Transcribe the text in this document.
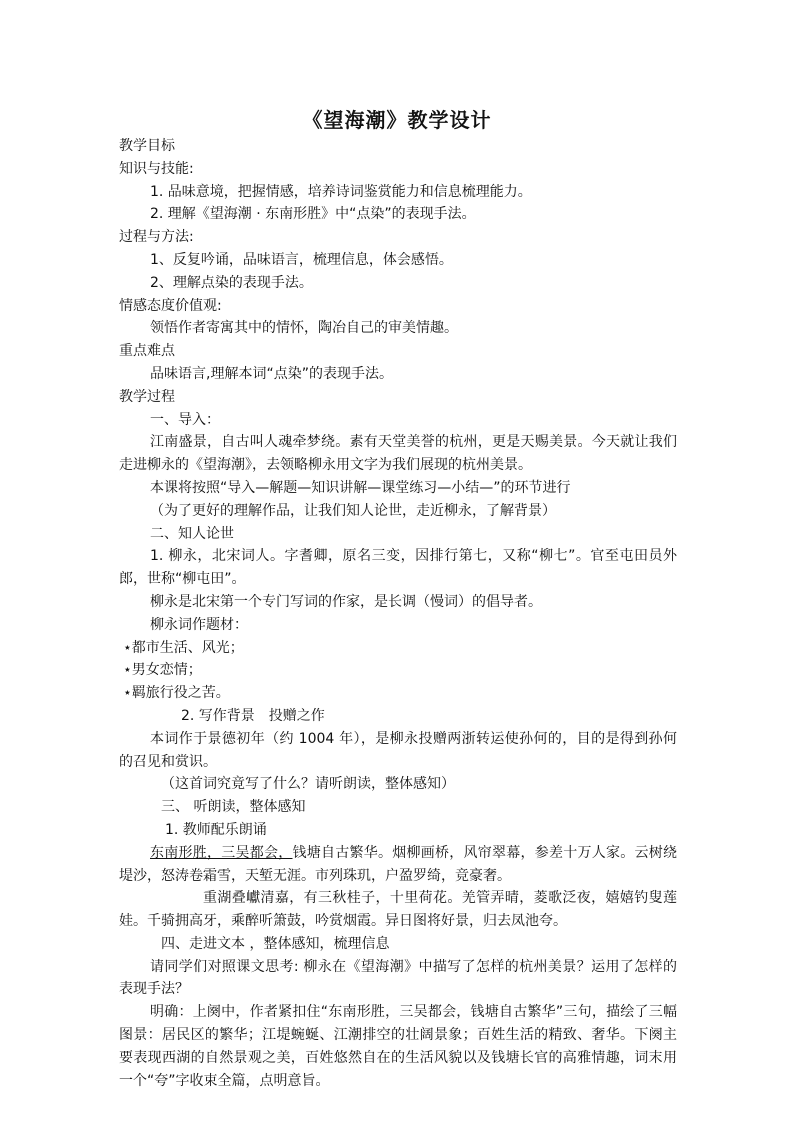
《望海潮》教学设计

教学目标

知识与技能:

1. 品味意境，把握情感，培养诗词鉴赏能力和信息梳理能力。

2. 理解《望海潮 · 东南形胜》中“点染”的表现手法。

过程与方法:

1、反复吟诵，品味语言，梳理信息，体会感悟。

2、理解点染的表现手法。

情感态度价值观:

领悟作者寄寓其中的情怀，陶冶自己的审美情趣。

重点难点

品味语言,理解本词“点染”的表现手法。

教学过程

一、导入：

江南盛景，自古叫人魂牵梦绕。素有天堂美誉的杭州，更是天赐美景。今天就让我们走进柳永的《望海潮》，去领略柳永用文字为我们展现的杭州美景。

本课将按照“导入—解题—知识讲解—课堂练习—小结—”的环节进行

（为了更好的理解作品，让我们知人论世，走近柳永，了解背景）

二、知人论世

1. 柳永，北宋词人。字耆卿，原名三变，因排行第七，又称“柳七”。官至屯田员外郎，世称“柳屯田”。

柳永是北宋第一个专门写词的作家，是长调（慢词）的倡导者。

柳永词作题材：

⋆都市生活、风光；

⋆男女恋情；

⋆羁旅行役之苦。

2. 写作背景　投赠之作

本词作于景德初年（约 1004 年），是柳永投赠两浙转运使孙何的，目的是得到孙何的召见和赏识。

（这首词究竟写了什么？请听朗读，整体感知）

三、 听朗读，整体感知

1. 教师配乐朗诵

东南形胜，三吴都会，钱塘自古繁华。烟柳画桥，风帘翠幕，参差十万人家。云树绕堤沙，怒涛卷霜雪，天堑无涯。市列珠玑，户盈罗绮，竞豪奢。

重湖叠巘清嘉，有三秋桂子，十里荷花。羌管弄晴，菱歌泛夜，嬉嬉钓叟莲娃。千骑拥高牙，乘醉听箫鼓，吟赏烟霞。异日图将好景，归去凤池夸。

四、走进文本 ，整体感知，梳理信息

请同学们对照课文思考: 柳永在《望海潮》中描写了怎样的杭州美景？运用了怎样的表现手法？

明确：上阕中，作者紧扣住“东南形胜，三吴都会，钱塘自古繁华”三句，描绘了三幅图景：居民区的繁华；江堤蜿蜒、江潮排空的壮阔景象；百姓生活的精致、奢华。下阕主要表现西湖的自然景观之美，百姓悠然自在的生活风貌以及钱塘长官的高雅情趣，词末用一个“夸”字收束全篇，点明意旨。
